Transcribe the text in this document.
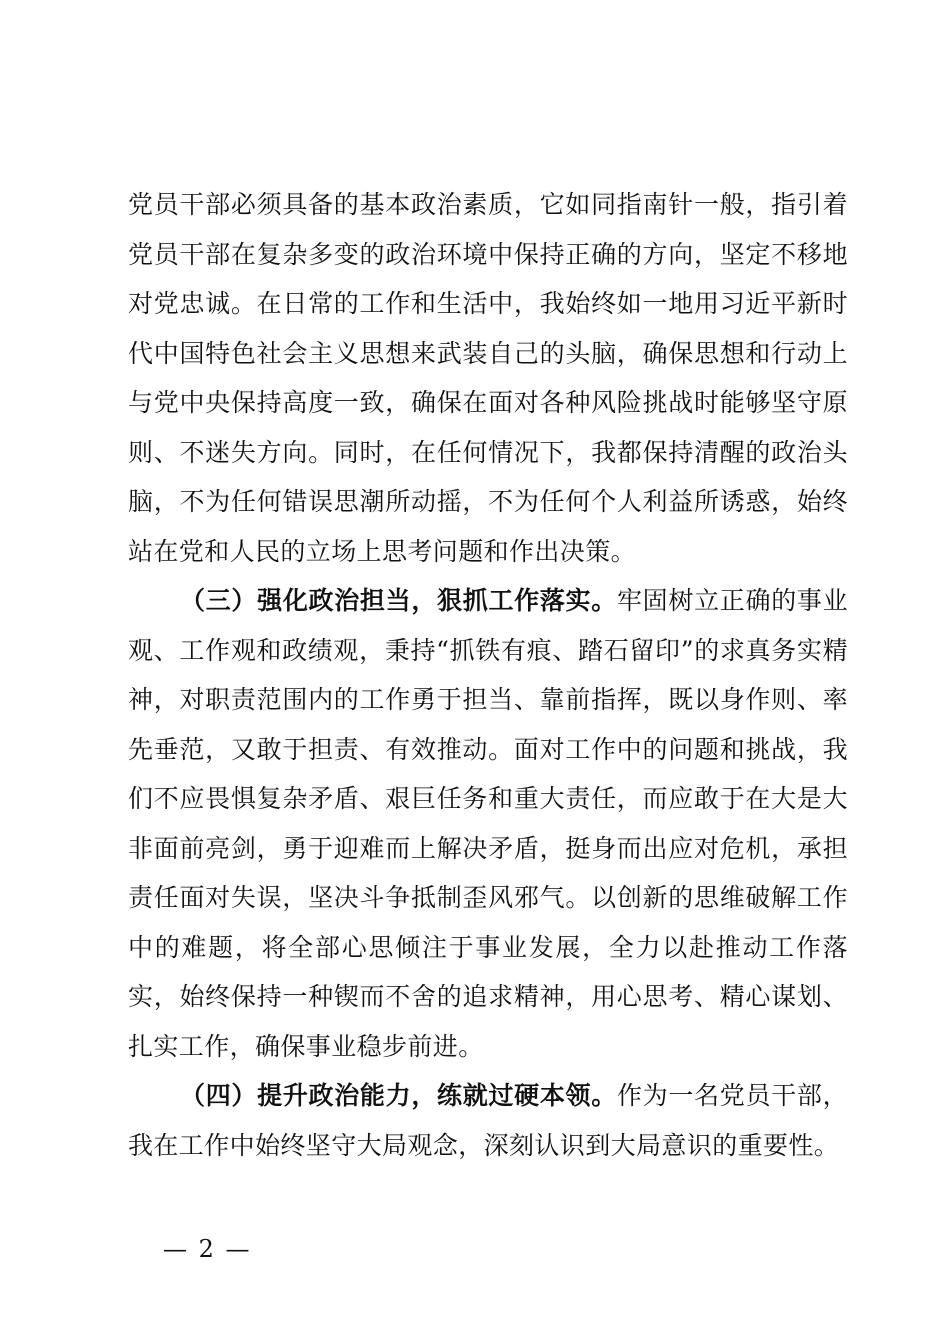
党员干部必须具备的基本政治素质，它如同指南针一般，指引着党员干部在复杂多变的政治环境中保持正确的方向，坚定不移地对党忠诚。在日常的工作和生活中，我始终如一地用习近平新时代中国特色社会主义思想来武装自己的头脑，确保思想和行动上与党中央保持高度一致，确保在面对各种风险挑战时能够坚守原则、不迷失方向。同时，在任何情况下，我都保持清醒的政治头脑，不为任何错误思潮所动摇，不为任何个人利益所诱惑，始终站在党和人民的立场上思考问题和作出决策。

（三）强化政治担当，狠抓工作落实。牢固树立正确的事业观、工作观和政绩观，秉持“抓铁有痕、踏石留印”的求真务实精神，对职责范围内的工作勇于担当、靠前指挥，既以身作则、率先垂范，又敢于担责、有效推动。面对工作中的问题和挑战，我们不应畏惧复杂矛盾、艰巨任务和重大责任，而应敢于在大是大非面前亮剑，勇于迎难而上解决矛盾，挺身而出应对危机，承担责任面对失误，坚决斗争抵制歪风邪气。以创新的思维破解工作中的难题，将全部心思倾注于事业发展，全力以赴推动工作落实，始终保持一种锲而不舍的追求精神，用心思考、精心谋划、扎实工作，确保事业稳步前进。

（四）提升政治能力，练就过硬本领。作为一名党员干部，我在工作中始终坚守大局观念，深刻认识到大局意识的重要性。

— 2 —
